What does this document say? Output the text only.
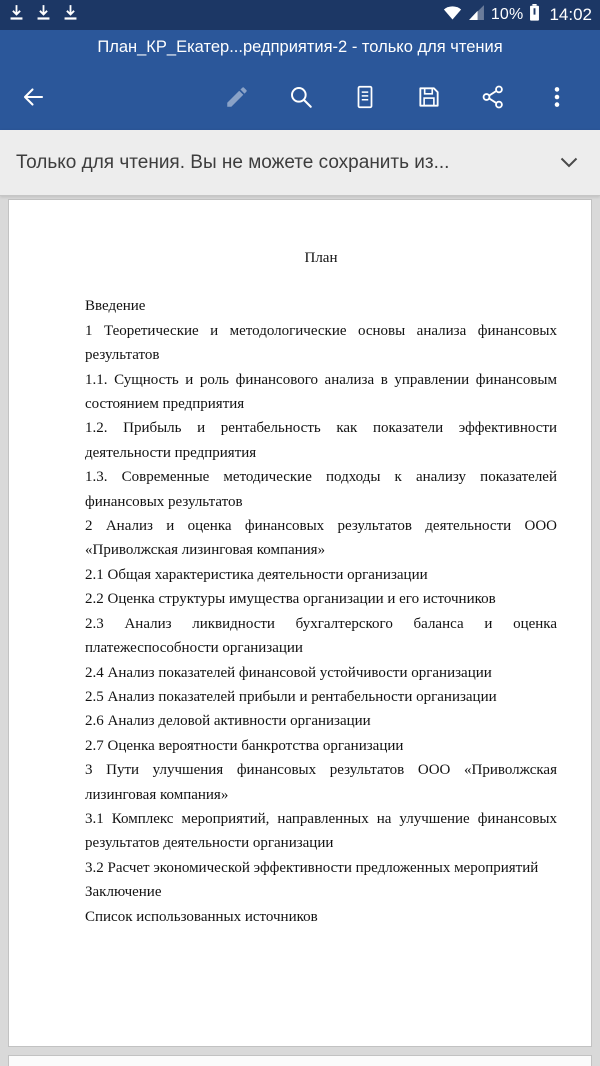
10% 14:02
План_КР_Екатер...редприятия-2 - только для чтения
Только для чтения. Вы не можете сохранить из...

План

Введение

1 Теоретические и методологические основы анализа финансовых результатов

1.1. Сущность и роль финансового анализа в управлении финансовым состоянием предприятия

1.2. Прибыль и рентабельность как показатели эффективности деятельности предприятия

1.3. Современные методические подходы к анализу показателей финансовых результатов

2 Анализ и оценка финансовых результатов деятельности ООО «Приволжская лизинговая компания»

2.1 Общая характеристика деятельности организации

2.2 Оценка структуры имущества организации и его источников

2.3 Анализ ликвидности бухгалтерского баланса и оценка платежеспособности организации

2.4 Анализ показателей финансовой устойчивости организации

2.5 Анализ показателей прибыли и рентабельности организации

2.6 Анализ деловой активности организации

2.7 Оценка вероятности банкротства организации

3 Пути улучшения финансовых результатов ООО «Приволжская лизинговая компания»

3.1 Комплекс мероприятий, направленных на улучшение финансовых результатов деятельности организации

3.2 Расчет экономической эффективности предложенных мероприятий

Заключение

Список использованных источников
